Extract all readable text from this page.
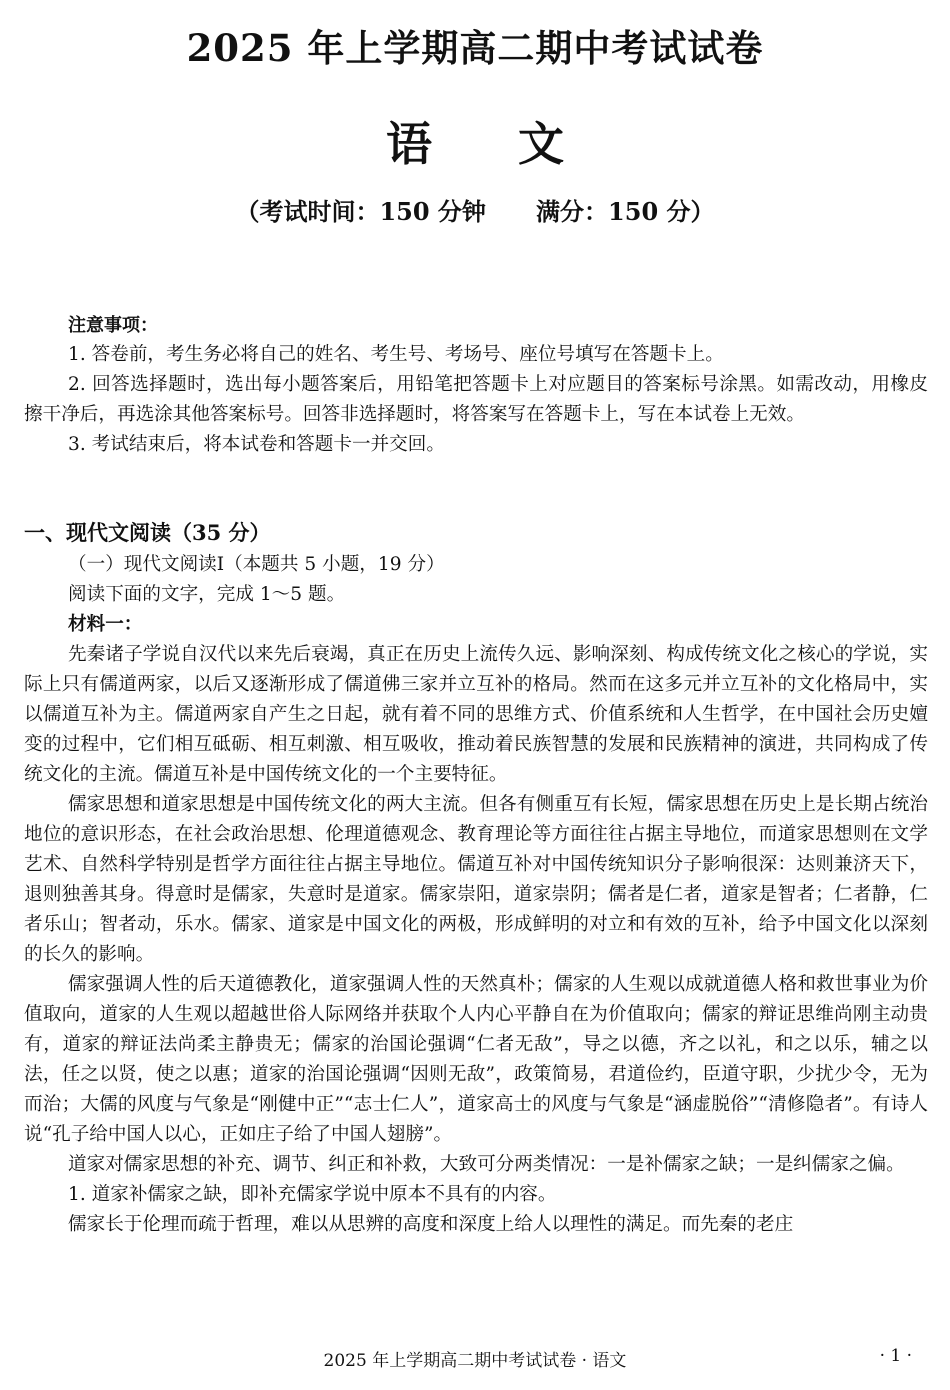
2025 年上学期高二期中考试试卷
语 文
（考试时间：150 分钟      满分：150 分）
注意事项：

1. 答卷前，考生务必将自己的姓名、考生号、考场号、座位号填写在答题卡上。

2. 回答选择题时，选出每小题答案后，用铅笔把答题卡上对应题目的答案标号涂黑。如需改动，用橡皮擦干净后，再选涂其他答案标号。回答非选择题时，将答案写在答题卡上，写在本试卷上无效。

3. 考试结束后，将本试卷和答题卡一并交回。

一、现代文阅读（35 分）
（一）现代文阅读Ⅰ（本题共 5 小题，19 分）
阅读下面的文字，完成 1～5 题。
材料一：

先秦诸子学说自汉代以来先后衰竭，真正在历史上流传久远、影响深刻、构成传统文化之核心的学说，实际上只有儒道两家，以后又逐渐形成了儒道佛三家并立互补的格局。然而在这多元并立互补的文化格局中，实以儒道互补为主。儒道两家自产生之日起，就有着不同的思维方式、价值系统和人生哲学，在中国社会历史嬗变的过程中，它们相互砥砺、相互刺激、相互吸收，推动着民族智慧的发展和民族精神的演进，共同构成了传统文化的主流。儒道互补是中国传统文化的一个主要特征。

儒家思想和道家思想是中国传统文化的两大主流。但各有侧重互有长短，儒家思想在历史上是长期占统治地位的意识形态，在社会政治思想、伦理道德观念、教育理论等方面往往占据主导地位，而道家思想则在文学艺术、自然科学特别是哲学方面往往占据主导地位。儒道互补对中国传统知识分子影响很深：达则兼济天下，退则独善其身。得意时是儒家，失意时是道家。儒家崇阳，道家崇阴；儒者是仁者，道家是智者；仁者静，仁者乐山；智者动，乐水。儒家、道家是中国文化的两极，形成鲜明的对立和有效的互补，给予中国文化以深刻的长久的影响。

儒家强调人性的后天道德教化，道家强调人性的天然真朴；儒家的人生观以成就道德人格和救世事业为价值取向，道家的人生观以超越世俗人际网络并获取个人内心平静自在为价值取向；儒家的辩证思维尚刚主动贵有，道家的辩证法尚柔主静贵无；儒家的治国论强调“仁者无敌”，导之以德，齐之以礼，和之以乐，辅之以法，任之以贤，使之以惠；道家的治国论强调“因则无敌”，政策简易，君道俭约，臣道守职，少扰少令，无为而治；大儒的风度与气象是“刚健中正”“志士仁人”，道家高士的风度与气象是“涵虚脱俗”“清修隐者”。有诗人说“孔子给中国人以心，正如庄子给了中国人翅膀”。

道家对儒家思想的补充、调节、纠正和补救，大致可分两类情况：一是补儒家之缺；一是纠儒家之偏。

1. 道家补儒家之缺，即补充儒家学说中原本不具有的内容。

儒家长于伦理而疏于哲理，难以从思辨的高度和深度上给人以理性的满足。而先秦的老庄

2025 年上学期高二期中考试试卷 · 语文	· 1 ·
